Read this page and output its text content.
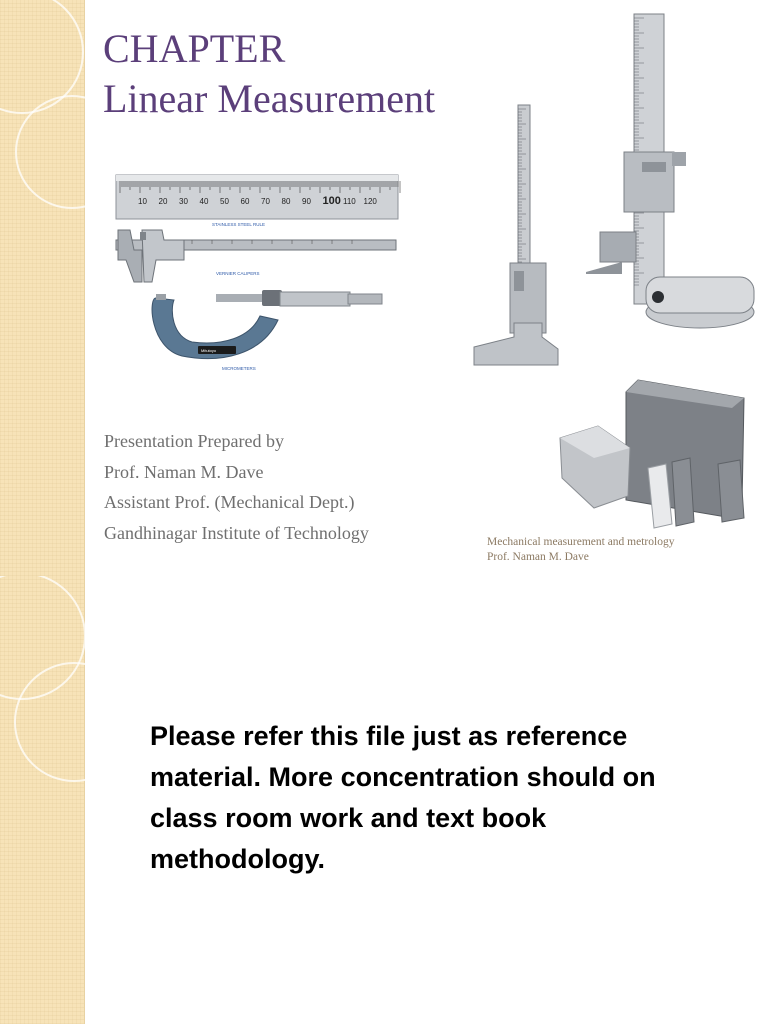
CHAPTER
Linear Measurement
10 20 30 40 50 60 70 80 90 100 110 120
STAINLESS STEEL RULE
VERNIER CALIPERS
Mitutoyo
MICROMETERS
Presentation Prepared by
Prof. Naman M. Dave
Assistant Prof. (Mechanical Dept.)
Gandhinagar Institute of Technology	Mechanical measurement and metrology
Prof. Naman M. Dave
Please refer this file just as reference material. More concentration should on class room work and text book methodology.
